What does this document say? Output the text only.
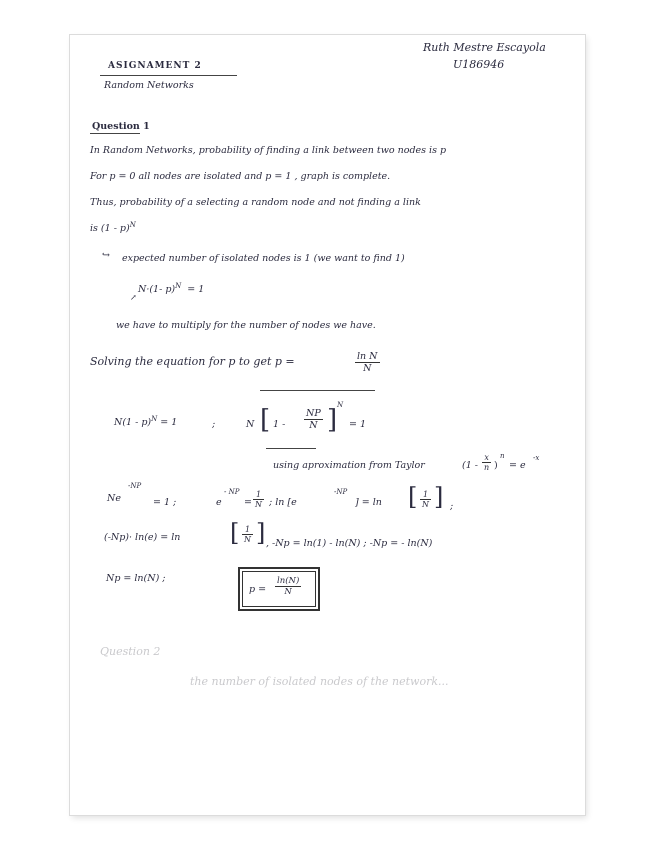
Ruth Mestre Escayola
U186946
ASIGNAMENT 2
Random Networks
Question 1
In Random Networks, probability of finding a link between two nodes is p
For p = 0 all nodes are isolated and p = 1 , graph is complete.
Thus, probability of a selecting a random node and not finding a link
is (1 - p)$^N$
↪ expected number of isolated nodes is 1 (we want to find 1)
N·(1- p)$^N$ = 1
↗
we have to multiply for the number of nodes we have.
Solving the equation for p to get p =	$\frac{\text{ln N}}{N}$
N(1 - p)$^N$ = 1	;	N [ $1 - \frac{NP}{N}$ ] N
= 1
using aproximation from Taylor	($1 - \frac{x}{n}$ )
n
= e
-x
Ne
-NP
= 1 ;	e
- NP
= $\frac{1}{N}$ ; ln [e
-NP
] = ln [ $\frac{1}{N}$ ] ;
(-Np)· ln(e) = ln [ $\frac{1}{N}$ ] , -Np = ln(1) - ln(N) ; -Np = - ln(N)
Np = ln(N) ;
$p = \frac{\ln(N)}{N}$
Question 2
the number of isolated nodes of the network...
